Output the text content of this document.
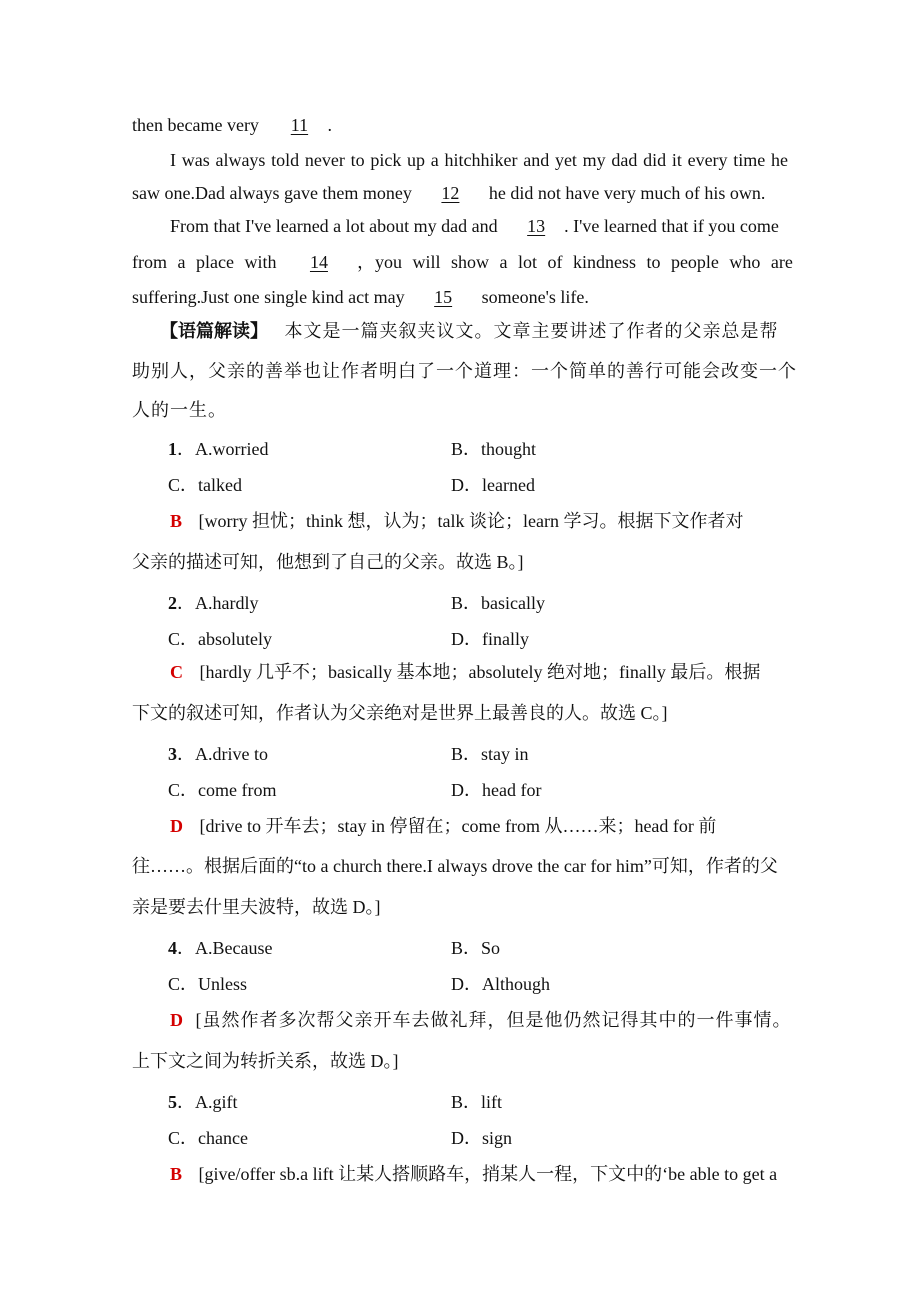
then became very 11 .
I was always told never to pick up a hitchhiker and yet my dad did it every time he
saw one.Dad always gave them money 12 he did not have very much of his own.
From that I've learned a lot about my dad and 13 . I've learned that if you come
from a place with 14 ，you will show a lot of kindness to people who are
suffering.Just one single kind act may 15 someone's life.
【语篇解读】 本文是一篇夹叙夹议文。文章主要讲述了作者的父亲总是帮
助别人，父亲的善举也让作者明白了一个道理：一个简单的善行可能会改变一个
人的一生。
1．A.worried	B．thought
C．talked	D．learned
B [worry 担忧；think 想，认为；talk 谈论；learn 学习。根据下文作者对
父亲的描述可知，他想到了自己的父亲。故选 B。]
2．A.hardly	B．basically
C．absolutely	D．finally
C [hardly 几乎不；basically 基本地；absolutely 绝对地；finally 最后。根据
下文的叙述可知，作者认为父亲绝对是世界上最善良的人。故选 C。]
3．A.drive to	B．stay in
C．come from	D．head for
D [drive to 开车去；stay in 停留在；come from 从……来；head for 前
往……。根据后面的“to a church there.I always drove the car for him”可知，作者的父
亲是要去什里夫波特，故选 D。]
4．A.Because	B．So
C．Unless	D．Although
D [虽然作者多次帮父亲开车去做礼拜，但是他仍然记得其中的一件事情。
上下文之间为转折关系，故选 D。]
5．A.gift	B．lift
C．chance	D．sign
B [give/offer sb.a lift 让某人搭顺路车，捎某人一程，下文中的‘be able to get a
